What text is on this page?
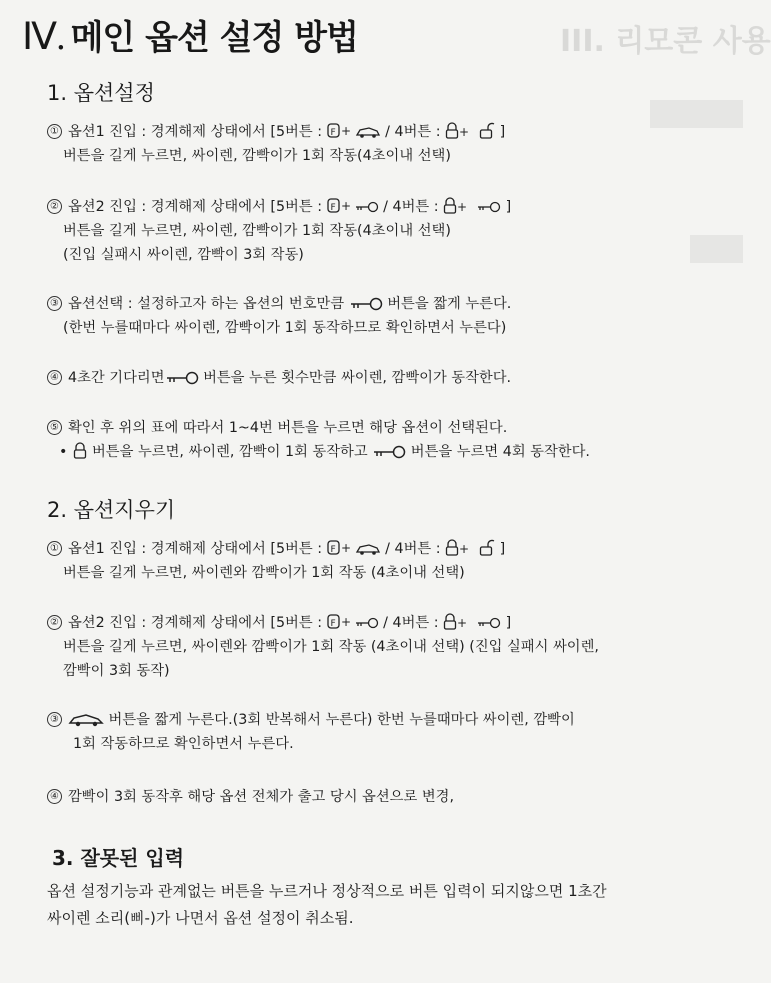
III. 리모콘 사용
Ⅳ. 메인 옵션 설정 방법
1. 옵션설정

① 옵션1 진입 : 경계해제 상태에서 [5버튼 : F + / 4버튼 : + ]
버튼을 길게 누르면, 싸이렌, 깜빡이가 1회 작동(4초이내 선택)

② 옵션2 진입 : 경계해제 상태에서 [5버튼 : F + / 4버튼 : +	]
버튼을 길게 누르면, 싸이렌, 깜빡이가 1회 작동(4초이내 선택)
(진입 실패시 싸이렌, 깜빡이 3회 작동)

③ 옵션선택 : 설정하고자 하는 옵션의 번호만큼	버튼을 짧게 누른다.
(한번 누를때마다 싸이렌, 깜빡이가 1회 동작하므로 확인하면서 누른다)

④ 4초간 기다리면	버튼을 누른 횟수만큼 싸이렌, 깜빡이가 동작한다.

⑤ 확인 후 위의 표에 따라서 1~4번 버튼을 누르면 해당 옵션이 선택된다.
• 버튼을 누르면, 싸이렌, 깜빡이 1회 동작하고	버튼을 누르면 4회 동작한다.

2. 옵션지우기

① 옵션1 진입 : 경계해제 상태에서 [5버튼 : F + / 4버튼 : + ]
버튼을 길게 누르면, 싸이렌와 깜빡이가 1회 작동 (4초이내 선택)

② 옵션2 진입 : 경계해제 상태에서 [5버튼 : F + / 4버튼 : +	]
버튼을 길게 누르면, 싸이렌와 깜빡이가 1회 작동 (4초이내 선택) (진입 실패시 싸이렌,
깜빡이 3회 동작)

③	버튼을 짧게 누른다.(3회 반복해서 누른다) 한번 누를때마다 싸이렌, 깜빡이
1회 작동하므로 확인하면서 누른다.

④ 깜빡이 3회 동작후 해당 옵션 전체가 출고 당시 옵션으로 변경,

3. 잘못된 입력

옵션 설정기능과 관계없는 버튼을 누르거나 정상적으로 버튼 입력이 되지않으면 1초간
싸이렌 소리(삐-)가 나면서 옵션 설정이 취소됨.
